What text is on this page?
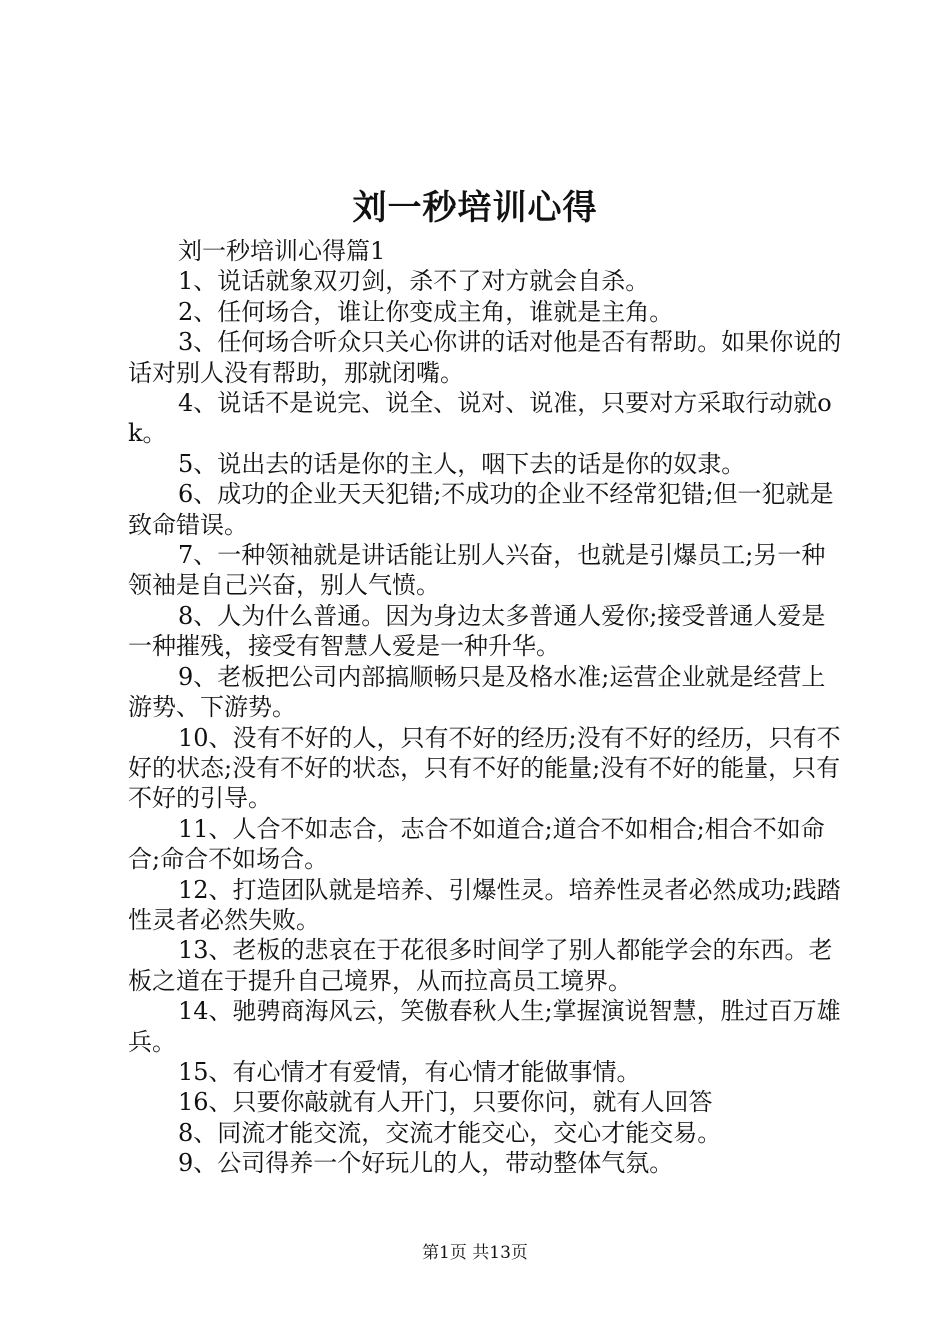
刘一秒培训心得

刘一秒培训心得篇1

1、说话就象双刃剑，杀不了对方就会自杀。

2、任何场合，谁让你变成主角，谁就是主角。

3、任何场合听众只关心你讲的话对他是否有帮助。如果你说的话对别人没有帮助，那就闭嘴。

4、说话不是说完、说全、说对、说准，只要对方采取行动就ok。

5、说出去的话是你的主人，咽下去的话是你的奴隶。

6、成功的企业天天犯错;不成功的企业不经常犯错;但一犯就是致命错误。

7、一种领袖就是讲话能让别人兴奋，也就是引爆员工;另一种领袖是自己兴奋，别人气愤。

8、人为什么普通。因为身边太多普通人爱你;接受普通人爱是一种摧残，接受有智慧人爱是一种升华。

9、老板把公司内部搞顺畅只是及格水准;运营企业就是经营上游势、下游势。

10、没有不好的人，只有不好的经历;没有不好的经历，只有不好的状态;没有不好的状态，只有不好的能量;没有不好的能量，只有不好的引导。

11、人合不如志合，志合不如道合;道合不如相合;相合不如命合;命合不如场合。

12、打造团队就是培养、引爆性灵。培养性灵者必然成功;践踏性灵者必然失败。

13、老板的悲哀在于花很多时间学了别人都能学会的东西。老板之道在于提升自己境界，从而拉高员工境界。

14、驰骋商海风云，笑傲春秋人生;掌握演说智慧，胜过百万雄兵。

15、有心情才有爱情，有心情才能做事情。

16、只要你敲就有人开门，只要你问，就有人回答

8、同流才能交流，交流才能交心，交心才能交易。

9、公司得养一个好玩儿的人，带动整体气氛。

第1页 共13页
